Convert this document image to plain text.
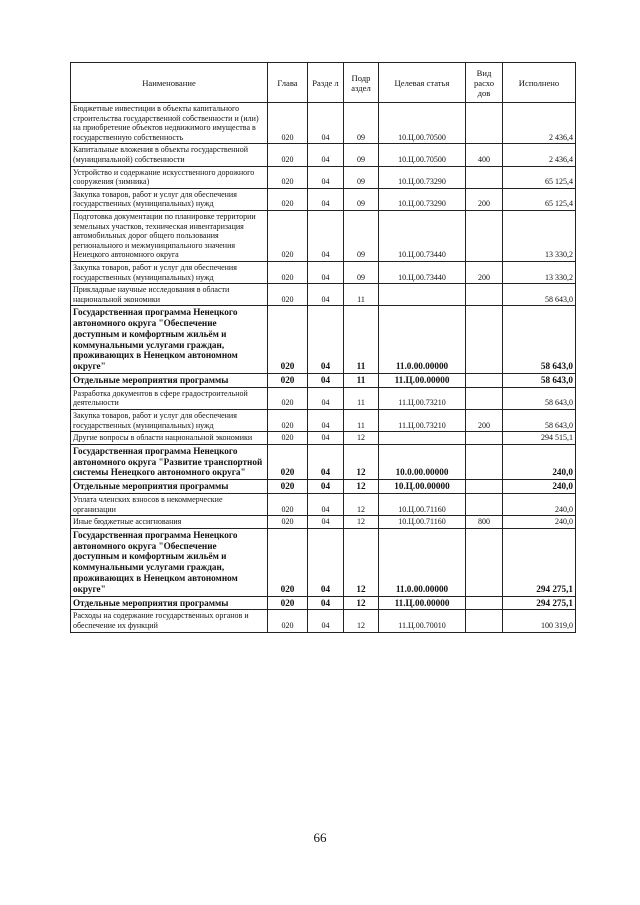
Наименование	Глава	Разде л	Подр аздел	Целевая статья	Вид расхо дов	Исполнено
Бюджетные инвестиции в объекты капитального строительства государственной собственности и (или) на приобретение объектов недвижимого имущества в государственную собственность	020	04	09	10.Ц.00.70500		2 436,4
Капитальные вложения в объекты государственной (муниципальной) собственности	020	04	09	10.Ц.00.70500	400	2 436,4
Устройство и содержание искусственного дорожного сооружения (зимника)	020	04	09	10.Ц.00.73290		65 125,4
Закупка товаров, работ и услуг для обеспечения государственных (муниципальных) нужд	020	04	09	10.Ц.00.73290	200	65 125,4
Подготовка документации по планировке территории земельных участков, техническая инвентаризация автомобильных дорог общего пользования регионального и межмуниципального значения Ненецкого автономного округа	020	04	09	10.Ц.00.73440		13 330,2
Закупка товаров, работ и услуг для обеспечения государственных (муниципальных) нужд	020	04	09	10.Ц.00.73440	200	13 330,2
Прикладные научные исследования в области национальной экономики	020	04	11			58 643,0
Государственная программа Ненецкого автономного округа "Обеспечение доступным и комфортным жильём и коммунальными услугами граждан, проживающих в Ненецком автономном округе"	020	04	11	11.0.00.00000		58 643,0
Отдельные мероприятия программы	020	04	11	11.Ц.00.00000		58 643,0
Разработка документов в сфере градостроительной деятельности	020	04	11	11.Ц.00.73210		58 643,0
Закупка товаров, работ и услуг для обеспечения государственных (муниципальных) нужд	020	04	11	11.Ц.00.73210	200	58 643,0
Другие вопросы в области национальной экономики	020	04	12			294 515,1
Государственная программа Ненецкого автономного округа "Развитие транспортной системы Ненецкого автономного округа"	020	04	12	10.0.00.00000		240,0
Отдельные мероприятия программы	020	04	12	10.Ц.00.00000		240,0
Уплата членских взносов в некоммерческие организации	020	04	12	10.Ц.00.71160		240,0
Иные бюджетные ассигнования	020	04	12	10.Ц.00.71160	800	240,0
Государственная программа Ненецкого автономного округа "Обеспечение доступным и комфортным жильём и коммунальными услугами граждан, проживающих в Ненецком автономном округе"	020	04	12	11.0.00.00000		294 275,1
Отдельные мероприятия программы	020	04	12	11.Ц.00.00000		294 275,1
Расходы на содержание государственных органов и обеспечение их функций	020	04	12	11.Ц.00.70010		100 319,0
66
